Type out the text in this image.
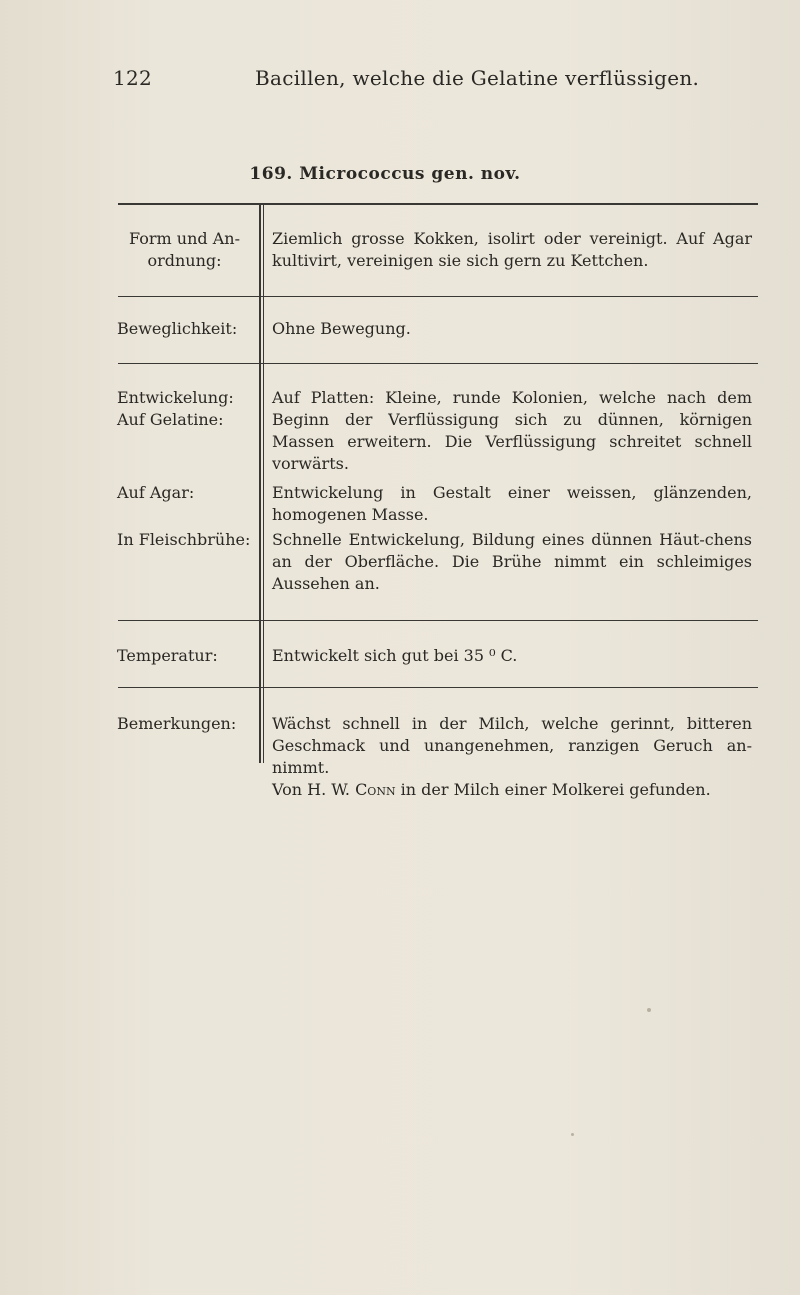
122	Bacillen, welche die Gelatine verflüssigen.
169. Micrococcus gen. nov.
Form und An-
ordnung:
Ziemlich grosse Kokken, isolirt oder vereinigt. Auf Agar kultivirt, vereinigen sie sich gern zu Kettchen.
Beweglichkeit: Ohne Bewegung.
Entwickelung:
Auf Gelatine:
Auf Platten: Kleine, runde Kolonien, welche nach dem Beginn der Verflüssigung sich zu dünnen, körnigen Massen erweitern. Die Verflüssigung schreitet schnell vorwärts.
Auf Agar:	Entwickelung in Gestalt einer weissen, glänzenden, homogenen Masse.
In Fleischbrühe: Schnelle Entwickelung, Bildung eines dünnen Häut-chens an der Oberfläche. Die Brühe nimmt ein schleimiges Aussehen an.
Temperatur:	Entwickelt sich gut bei 35 ⁰ C.
Bemerkungen: Wächst schnell in der Milch, welche gerinnt, bitteren Geschmack und unangenehmen, ranzigen Geruch an-nimmt.
Von H. W. Conn in der Milch einer Molkerei gefunden.
